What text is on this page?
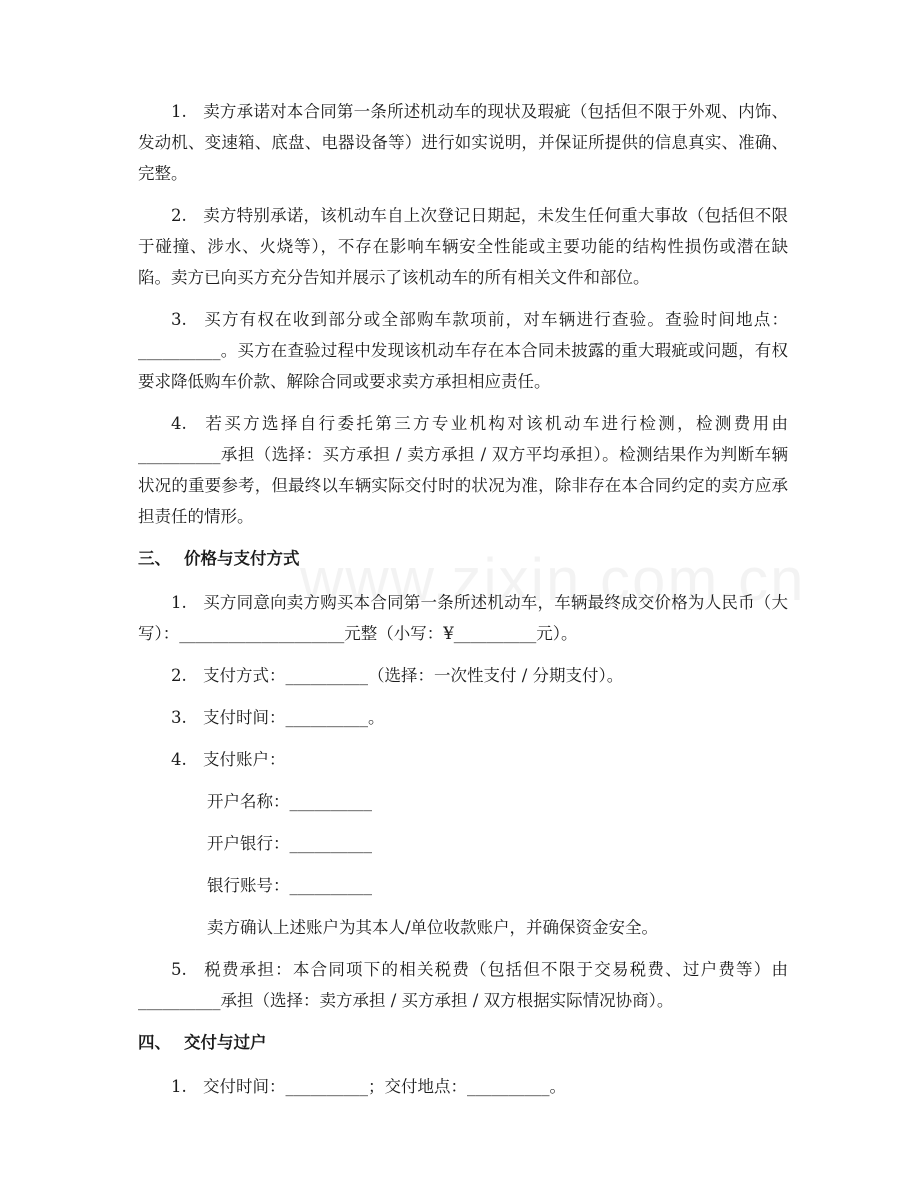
1. 卖方承诺对本合同第一条所述机动车的现状及瑕疵（包括但不限于外观、内饰、发动机、变速箱、底盘、电器设备等）进行如实说明，并保证所提供的信息真实、准确、完整。

2. 卖方特别承诺，该机动车自上次登记日期起，未发生任何重大事故（包括但不限于碰撞、涉水、火烧等），不存在影响车辆安全性能或主要功能的结构性损伤或潜在缺陷。卖方已向买方充分告知并展示了该机动车的所有相关文件和部位。

3. 买方有权在收到部分或全部购车款项前，对车辆进行查验。查验时间地点：__________。买方在查验过程中发现该机动车存在本合同未披露的重大瑕疵或问题，有权要求降低购车价款、解除合同或要求卖方承担相应责任。

4. 若买方选择自行委托第三方专业机构对该机动车进行检测，检测费用由__________承担（选择：买方承担 / 卖方承担 / 双方平均承担）。检测结果作为判断车辆状况的重要参考，但最终以车辆实际交付时的状况为准，除非存在本合同约定的卖方应承担责任的情形。

三、 价格与支付方式

1. 买方同意向卖方购买本合同第一条所述机动车，车辆最终成交价格为人民币（大写）：____________________元整（小写：¥__________元）。

2. 支付方式：__________（选择：一次性支付 / 分期支付）。

3. 支付时间：__________。

4. 支付账户：

开户名称：__________

开户银行：__________

银行账号：__________

卖方确认上述账户为其本人/单位收款账户，并确保资金安全。

5. 税费承担：本合同项下的相关税费（包括但不限于交易税费、过户费等）由__________承担（选择：卖方承担 / 买方承担 / 双方根据实际情况协商）。

四、 交付与过户

1. 交付时间：__________；交付地点：__________。
